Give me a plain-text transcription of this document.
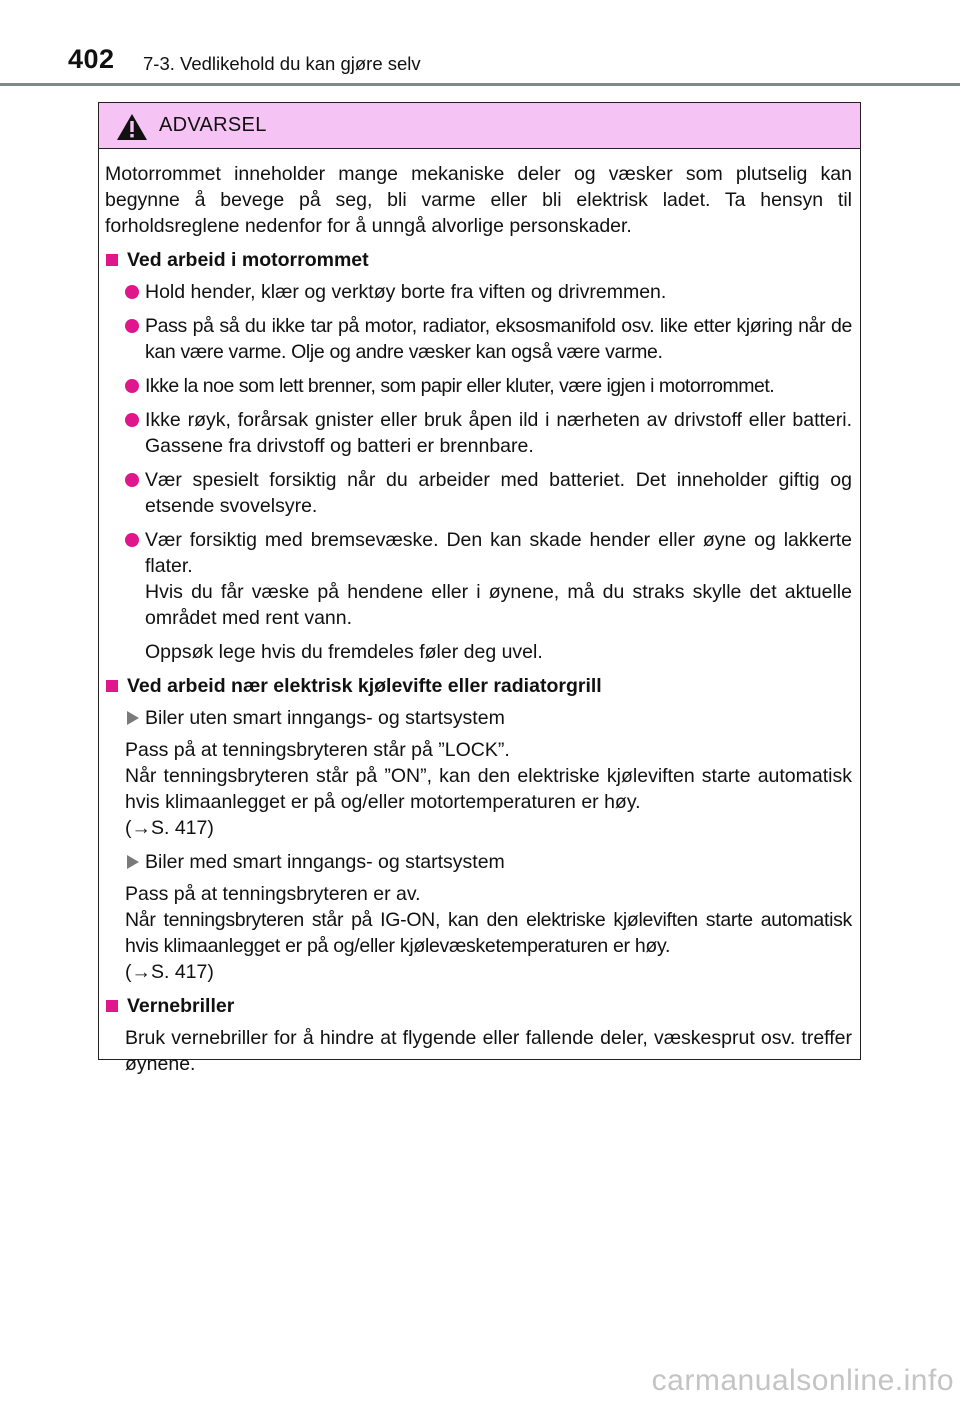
402 7-3. Vedlikehold du kan gjøre selv
ADVARSEL

Motorrommet inneholder mange mekaniske deler og væsker som plutselig kan begynne å bevege på seg, bli varme eller bli elektrisk ladet. Ta hensyn til forholdsreglene nedenfor for å unngå alvorlige personskader.

Ved arbeid i motorrommet
Hold hender, klær og verktøy borte fra viften og drivremmen.
Pass på så du ikke tar på motor, radiator, eksosmanifold osv. like etter kjøring når de kan være varme. Olje og andre væsker kan også være varme.
Ikke la noe som lett brenner, som papir eller kluter, være igjen i motorrommet.
Ikke røyk, forårsak gnister eller bruk åpen ild i nærheten av drivstoff eller batteri. Gassene fra drivstoff og batteri er brennbare.
Vær spesielt forsiktig når du arbeider med batteriet. Det inneholder giftig og etsende svovelsyre.
Vær forsiktig med bremsevæske. Den kan skade hender eller øyne og lakkerte flater.
Hvis du får væske på hendene eller i øynene, må du straks skylle det aktuelle området med rent vann.
Oppsøk lege hvis du fremdeles føler deg uvel.
Ved arbeid nær elektrisk kjølevifte eller radiatorgrill
Biler uten smart inngangs- og startsystem
Pass på at tenningsbryteren står på ”LOCK”.
Når tenningsbryteren står på ”ON”, kan den elektriske kjøleviften starte automatisk hvis klimaanlegget er på og/eller motortemperaturen er høy.
(→S. 417)
Biler med smart inngangs- og startsystem
Pass på at tenningsbryteren er av.
Når tenningsbryteren står på IG-ON, kan den elektriske kjøleviften starte automatisk hvis klimaanlegget er på og/eller kjølevæsketemperaturen er høy.
(→S. 417)
Vernebriller
Bruk vernebriller for å hindre at flygende eller fallende deler, væskesprut osv. treffer øynene.
carmanualsonline.info
